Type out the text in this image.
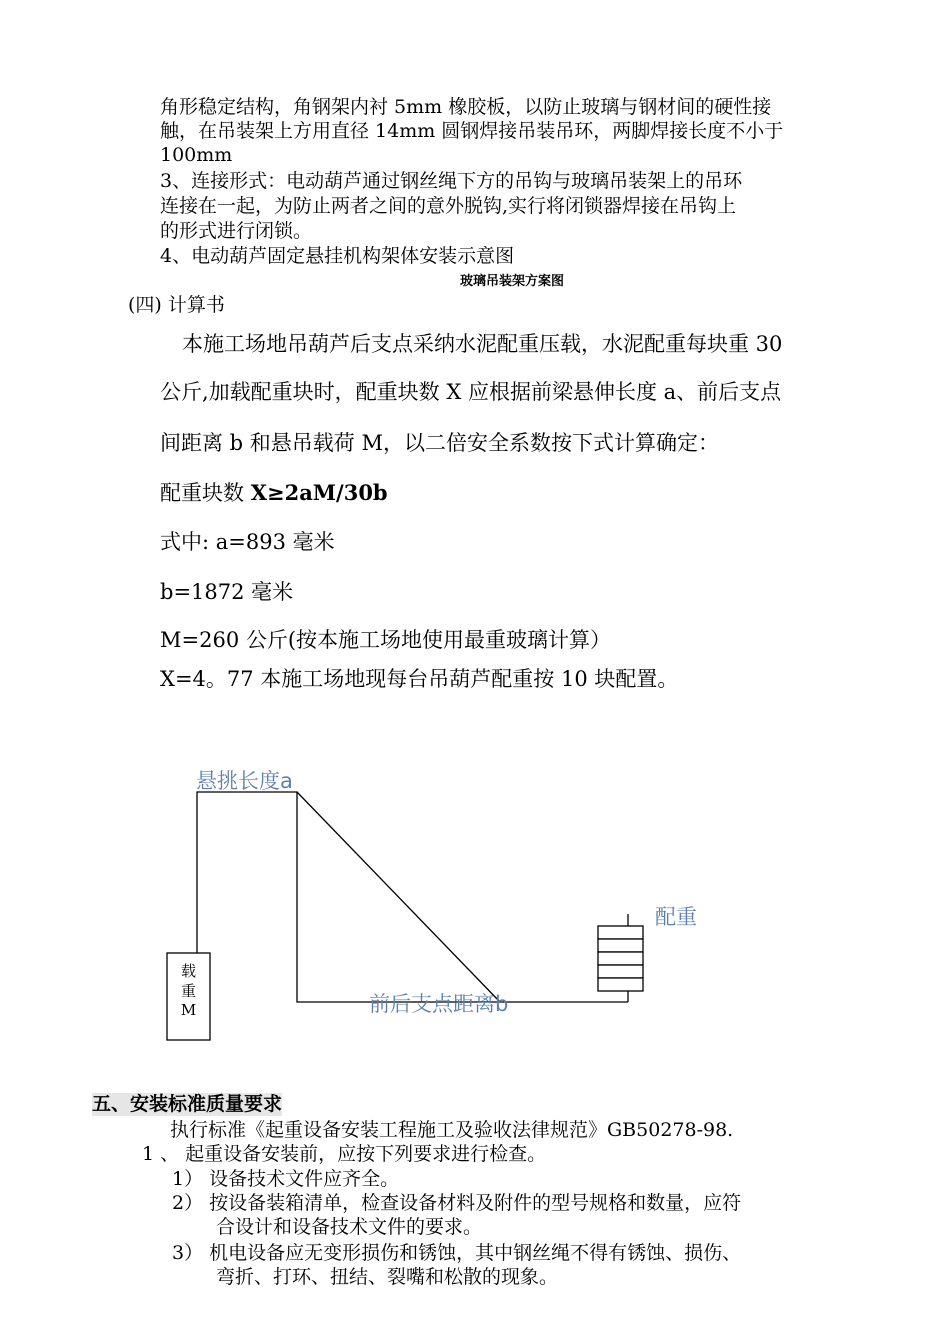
角形稳定结构，角钢架内衬 5mm 橡胶板，以防止玻璃与钢材间的硬性接
触，在吊装架上方用直径 14mm 圆钢焊接吊装吊环，两脚焊接长度不小于
100mm
3、连接形式：电动葫芦通过钢丝绳下方的吊钩与玻璃吊装架上的吊环
连接在一起，为防止两者之间的意外脱钩,实行将闭锁器焊接在吊钩上
的形式进行闭锁。
4、电动葫芦固定悬挂机构架体安装示意图
玻璃吊装架方案图
(四) 计算书
本施工场地吊葫芦后支点采纳水泥配重压载，水泥配重每块重 30
公斤,加载配重块时，配重块数 X 应根据前梁悬伸长度 a、前后支点
间距离 b 和悬吊载荷 M，以二倍安全系数按下式计算确定：
配重块数 X≥2aM/30b
式中: a=893 毫米
b=1872 毫米
M=260 公斤(按本施工场地使用最重玻璃计算）
X=4。77 本施工场地现每台吊葫芦配重按 10 块配置。
载
重
M
悬挑长度a
配重
前后支点距离b
五、安装标准质量要求
执行标准《起重设备安装工程施工及验收法律规范》GB50278-98.
1 、 起重设备安装前，应按下列要求进行检查。
1） 设备技术文件应齐全。
2） 按设备装箱清单，检查设备材料及附件的型号规格和数量，应符
合设计和设备技术文件的要求。
3） 机电设备应无变形损伤和锈蚀，其中钢丝绳不得有锈蚀、损伤、
弯折、打环、扭结、裂嘴和松散的现象。
